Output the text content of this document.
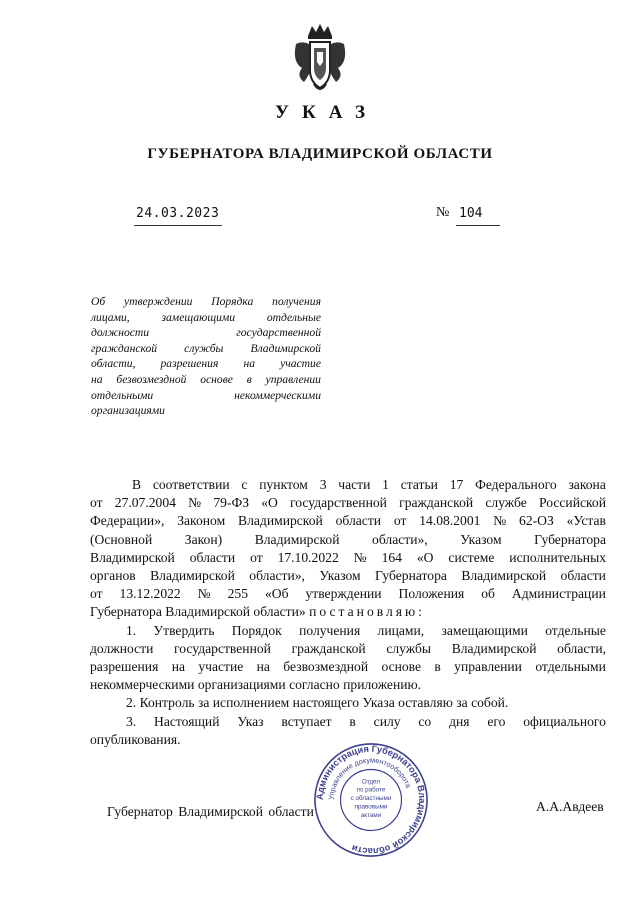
УКАЗ
ГУБЕРНАТОРА ВЛАДИМИРСКОЙ ОБЛАСТИ
24.03.2023	№ 104
Об утверждении Порядка получения
лицами,	замещающими	отдельные
должности	государственной
гражданской службы Владимирской
области, разрешения на участие
на безвозмездной основе в управлении
отдельными	некоммерческими
организациями
В соответствии с пунктом 3 части 1 статьи 17 Федерального закона
от 27.07.2004 № 79-ФЗ «О государственной гражданской службе Российской
Федерации», Законом Владимирской области от 14.08.2001 № 62-ОЗ «Устав
(Основной Закон) Владимирской области», Указом Губернатора
Владимирской области от 17.10.2022 № 164 «О системе исполнительных
органов Владимирской области», Указом Губернатора Владимирской области
от 13.12.2022 № 255 «Об утверждении Положения об Администрации
Губернатора Владимирской области»
постановляю:
1. Утвердить Порядок получения лицами, замещающими отдельные
должности государственной гражданской службы Владимирской области,
разрешения на участие на безвозмездной основе в управлении отдельными
некоммерческими организациями согласно приложению.
2. Контроль за исполнением настоящего Указа оставляю за собой.
3. Настоящий Указ вступает в силу со дня его официального
опубликования.
Губернатор Владимирской области	А.А.Авдеев
Администрация Губернатора Владимирской области
Управление документооборота
Отдел
по работе
с областными
правовыми
актами
